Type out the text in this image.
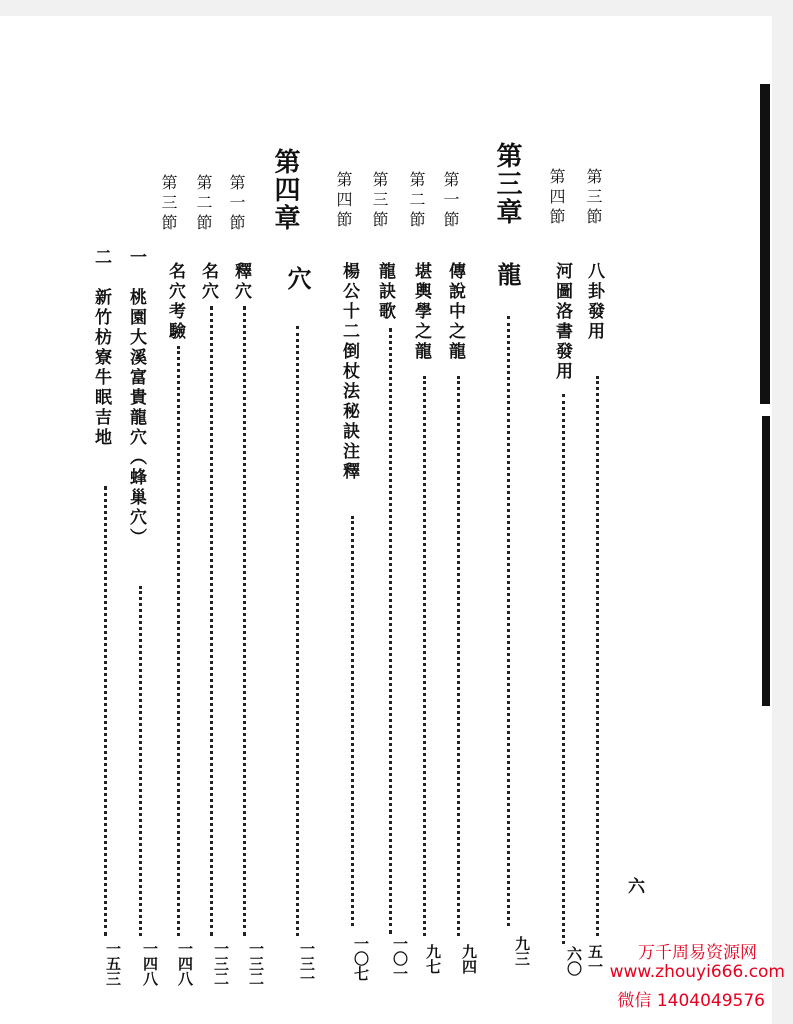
第三節
八卦發用
五一
第四節
河圖洛書發用
六〇
第三章
龍
九三
第一節
傳說中之龍
九四
第二節
堪輿學之龍
九七
第三節
龍訣歌
一〇一
第四節
楊公十二倒杖法秘訣注釋
一〇七
第四章
穴
一三一
第一節
釋穴
一三二
第二節
名穴
一三二
第三節
名穴考驗
一四八
一
桃園大溪富貴龍穴（蜂巢穴）
一四八
二
新竹枋寮牛眠吉地
一五三
六
万千周易资源网
www.zhouyi666.com
微信 1404049576
